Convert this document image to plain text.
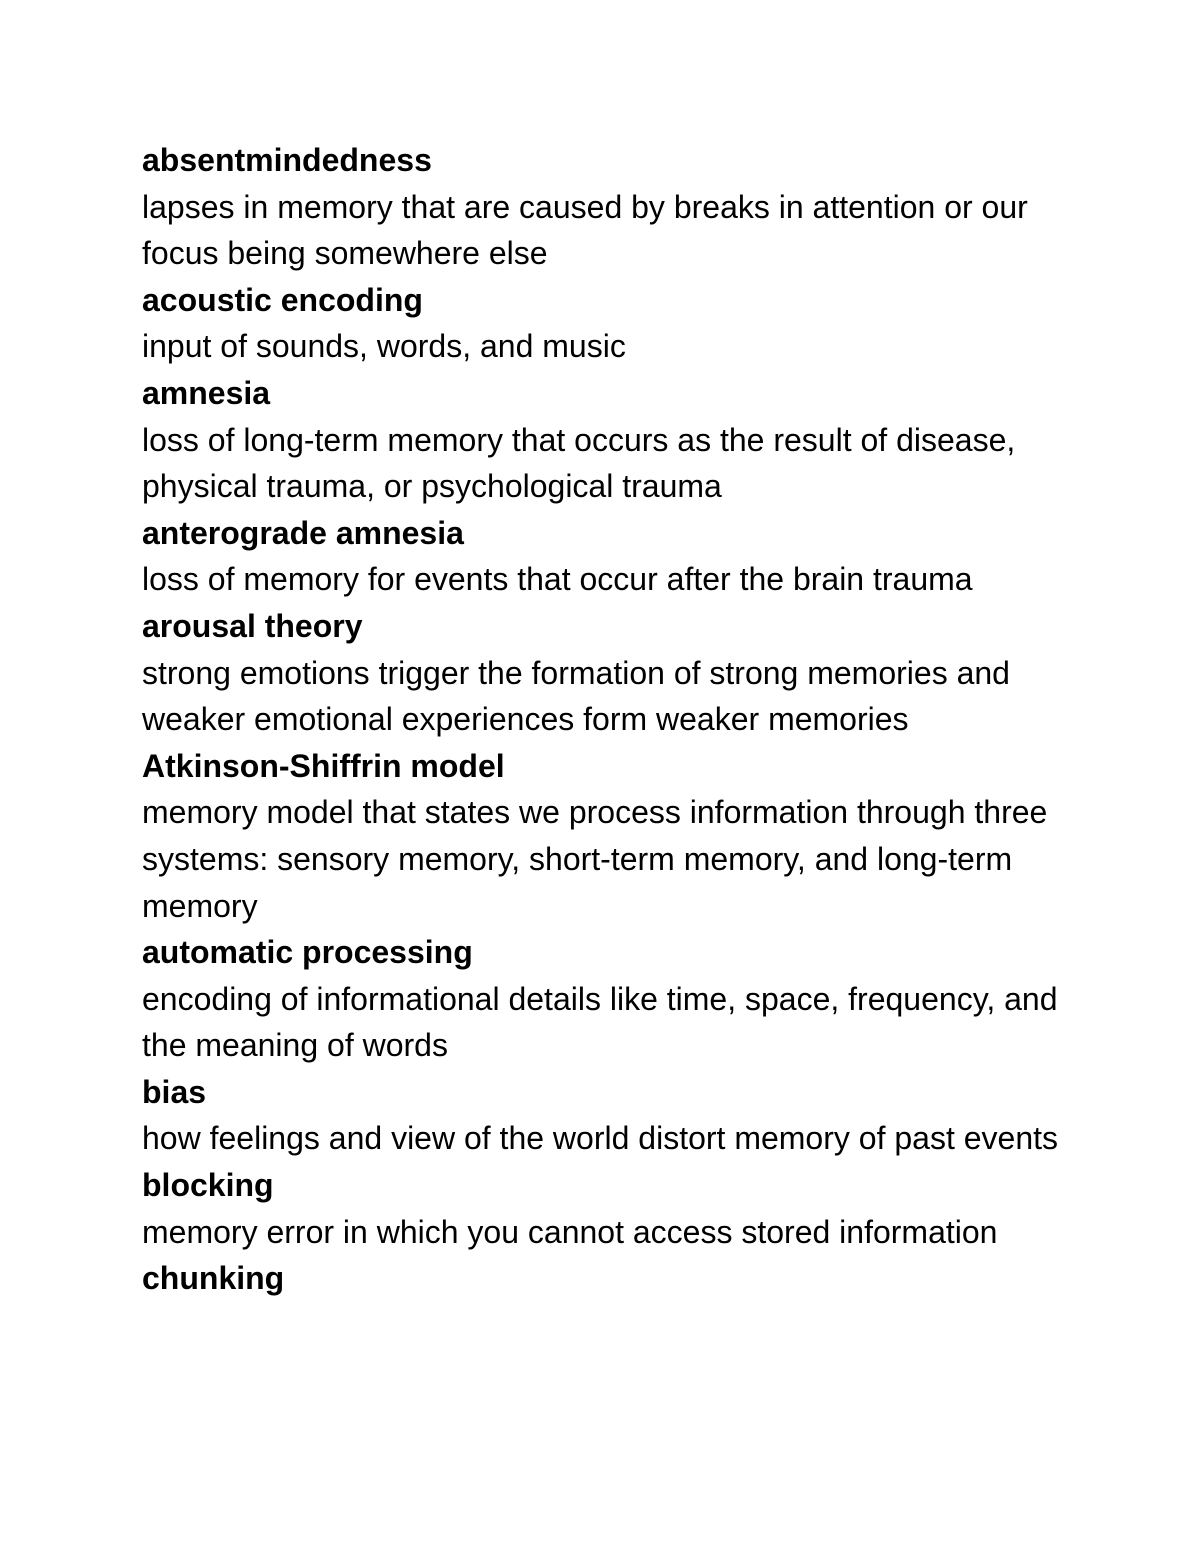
absentmindedness
lapses in memory that are caused by breaks in attention or our focus being somewhere else
acoustic encoding
input of sounds, words, and music
amnesia
loss of long-term memory that occurs as the result of disease, physical trauma, or psychological trauma
anterograde amnesia
loss of memory for events that occur after the brain trauma
arousal theory
strong emotions trigger the formation of strong memories and weaker emotional experiences form weaker memories
Atkinson-Shiffrin model
memory model that states we process information through three systems: sensory memory, short-term memory, and long-term memory
automatic processing
encoding of informational details like time, space, frequency, and the meaning of words
bias
how feelings and view of the world distort memory of past events
blocking
memory error in which you cannot access stored information
chunking
